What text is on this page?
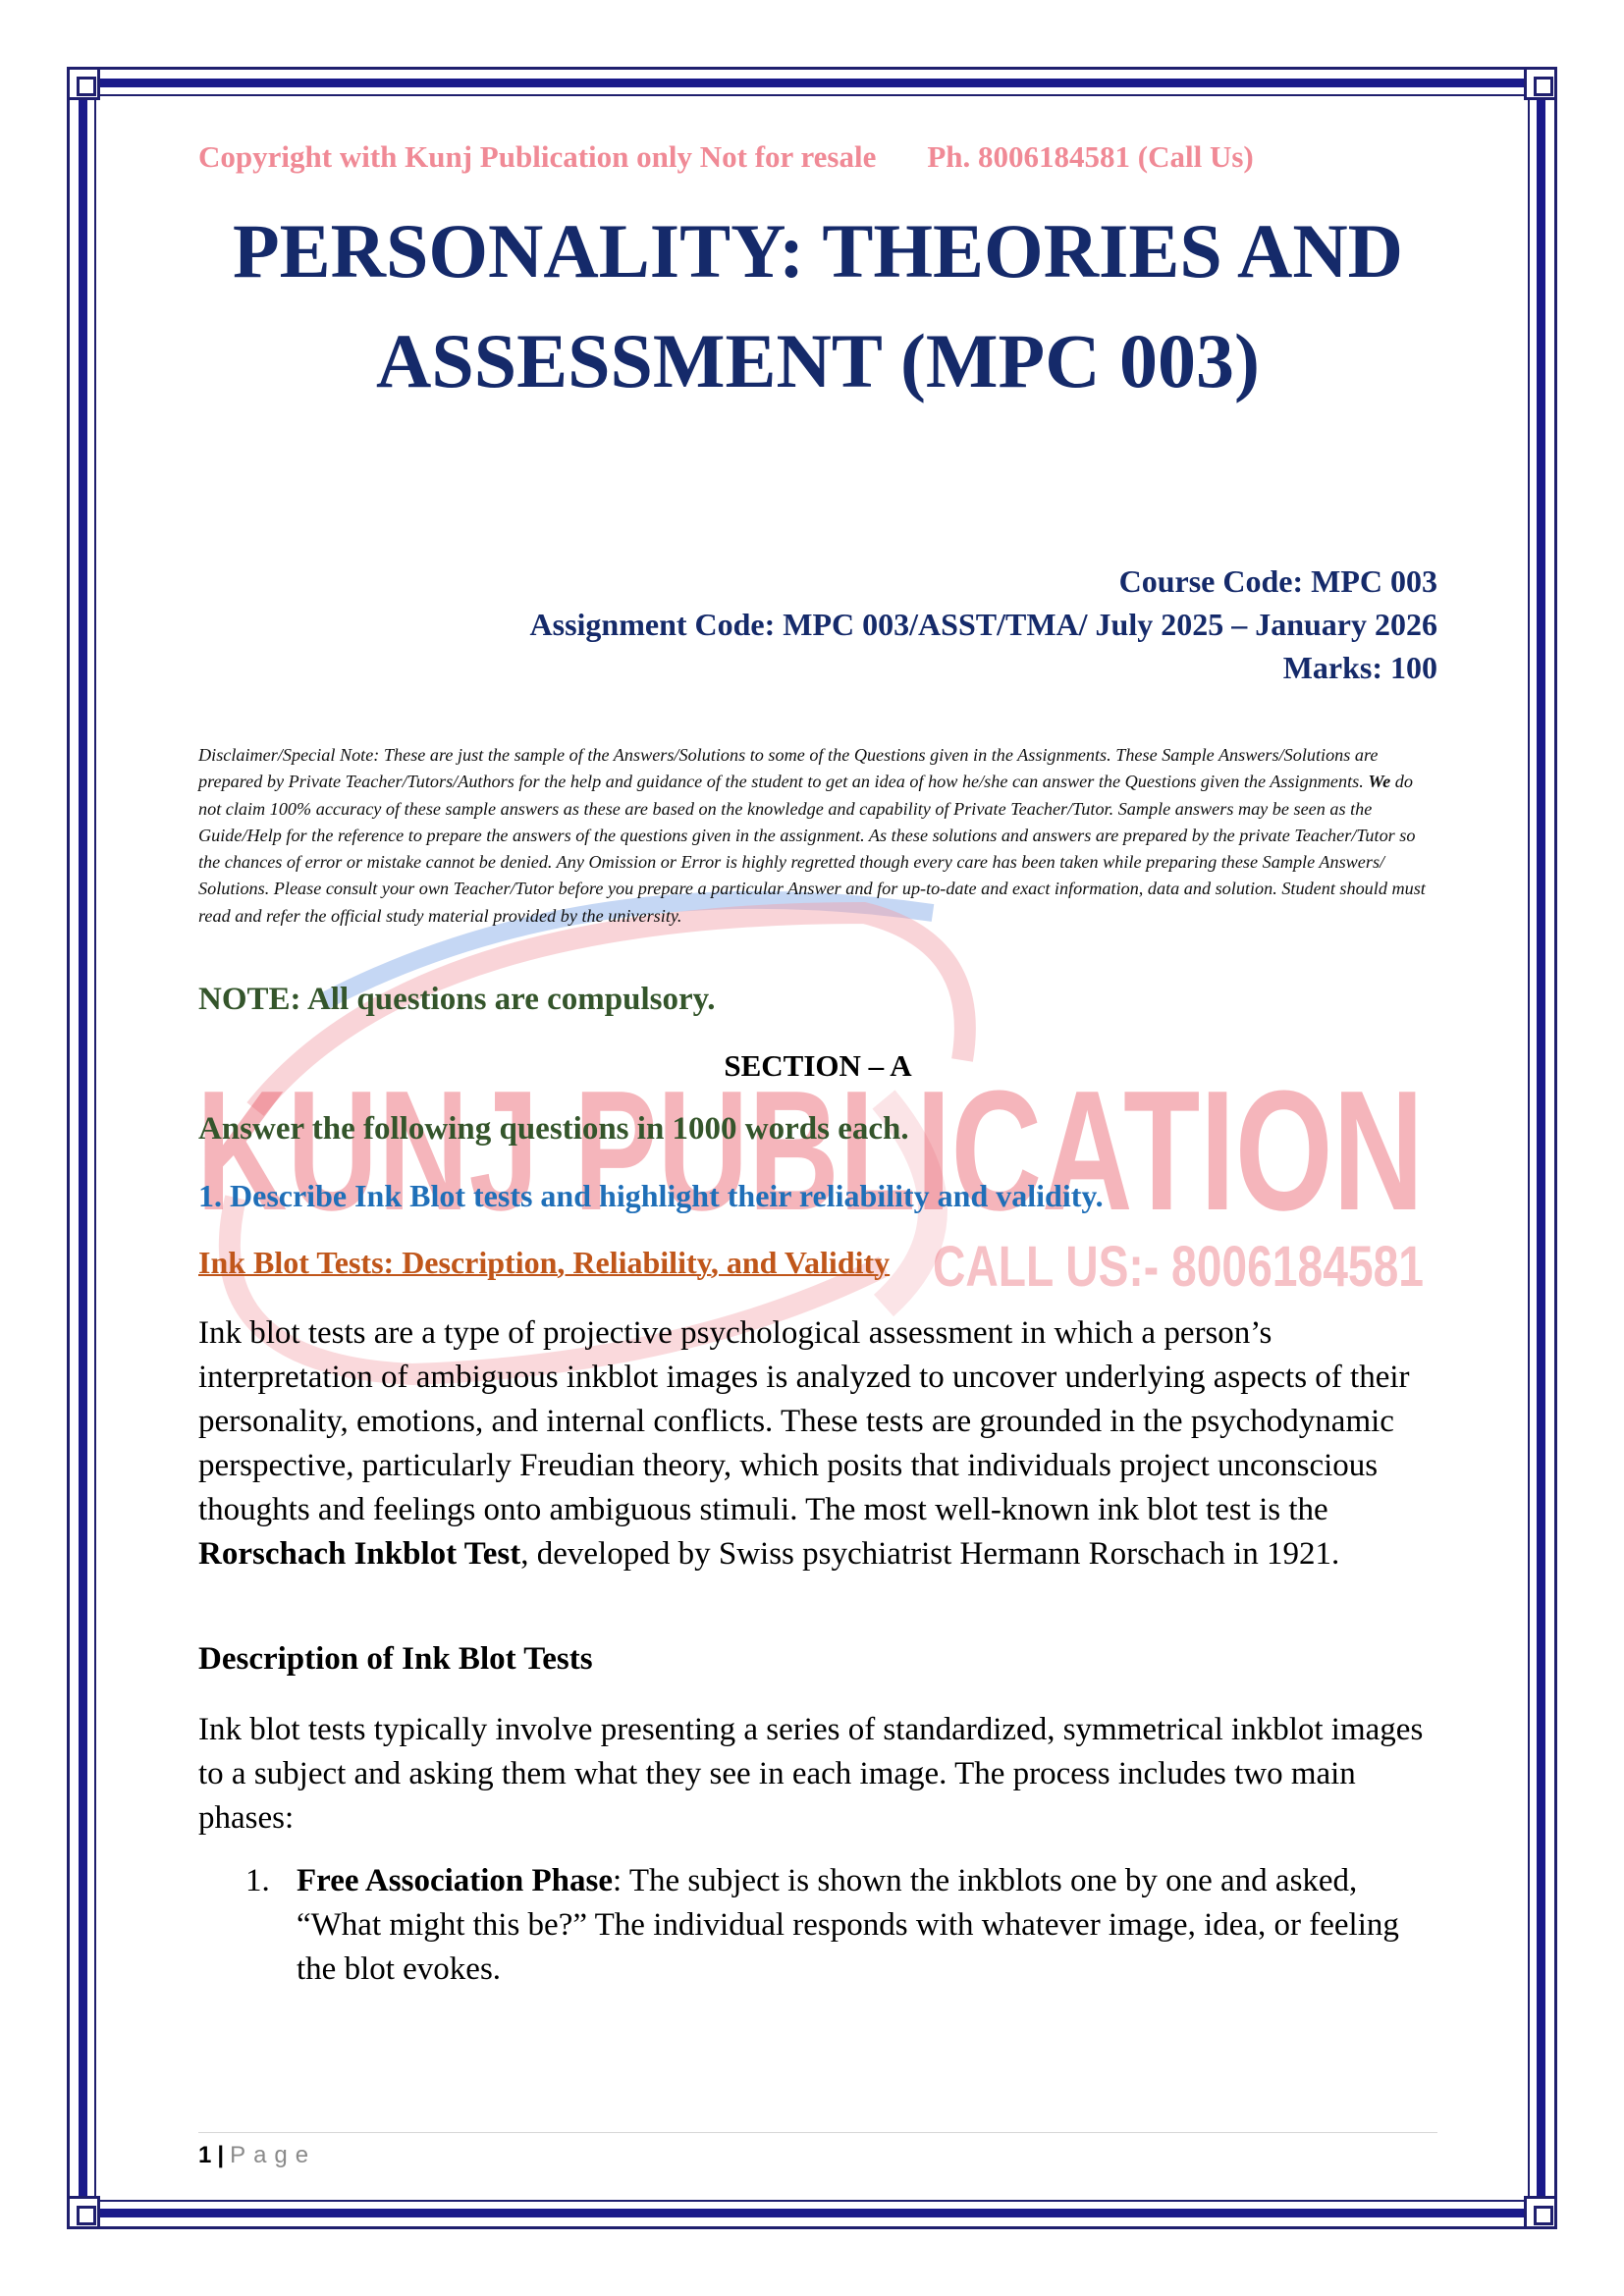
KUNJ PUBLICATION
CALL US:- 8006184581
Copyright with Kunj Publication only Not for resale Ph. 8006184581 (Call Us)
PERSONALITY: THEORIES AND
ASSESSMENT (MPC 003)
Course Code: MPC 003
Assignment Code: MPC 003/ASST/TMA/ July 2025 – January 2026
Marks: 100
Disclaimer/Special Note: These are just the sample of the Answers/Solutions to some of the Questions given in the Assignments. These Sample Answers/Solutions are prepared by Private Teacher/Tutors/Authors for the help and guidance of the student to get an idea of how he/she can answer the Questions given the Assignments. We do not claim 100% accuracy of these sample answers as these are based on the knowledge and capability of Private Teacher/Tutor. Sample answers may be seen as the Guide/Help for the reference to prepare the answers of the questions given in the assignment. As these solutions and answers are prepared by the private Teacher/Tutor so the chances of error or mistake cannot be denied. Any Omission or Error is highly regretted though every care has been taken while preparing these Sample Answers/ Solutions. Please consult your own Teacher/Tutor before you prepare a particular Answer and for up-to-date and exact information, data and solution. Student should must read and refer the official study material provided by the university.
NOTE: All questions are compulsory.
SECTION – A
Answer the following questions in 1000 words each.
1. Describe Ink Blot tests and highlight their reliability and validity.
Ink Blot Tests: Description, Reliability, and Validity
Ink blot tests are a type of projective psychological assessment in which a person’s interpretation of ambiguous inkblot images is analyzed to uncover underlying aspects of their personality, emotions, and internal conflicts. These tests are grounded in the psychodynamic perspective, particularly Freudian theory, which posits that individuals project unconscious thoughts and feelings onto ambiguous stimuli. The most well-known ink blot test is the Rorschach Inkblot Test, developed by Swiss psychiatrist Hermann Rorschach in 1921.
Description of Ink Blot Tests
Ink blot tests typically involve presenting a series of standardized, symmetrical inkblot images to a subject and asking them what they see in each image. The process includes two main phases:
1. Free Association Phase: The subject is shown the inkblots one by one and asked, “What might this be?” The individual responds with whatever image, idea, or feeling the blot evokes.
1 | Page
